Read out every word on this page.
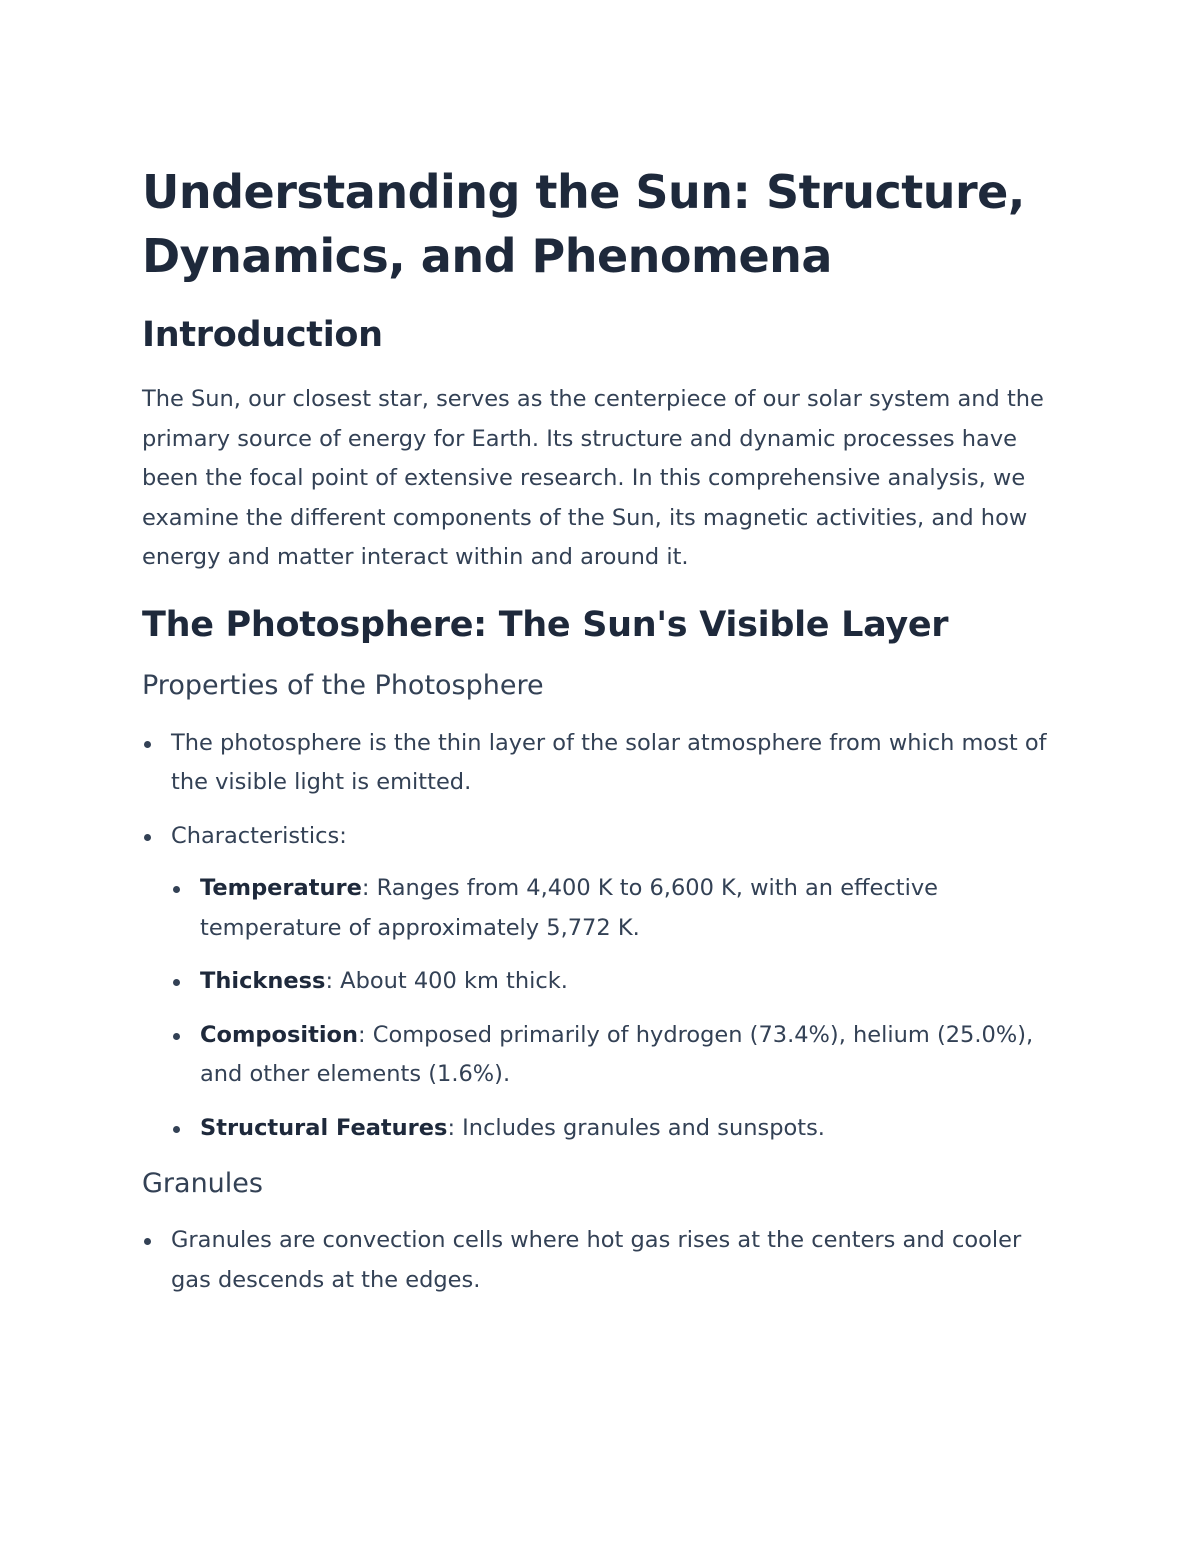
Understanding the Sun: Structure, Dynamics, and Phenomena
Introduction

The Sun, our closest star, serves as the centerpiece of our solar system and the primary source of energy for Earth. Its structure and dynamic processes have been the focal point of extensive research. In this comprehensive analysis, we examine the different components of the Sun, its magnetic activities, and how energy and matter interact within and around it.

The Photosphere: The Sun's Visible Layer
Properties of the Photosphere
The photosphere is the thin layer of the solar atmosphere from which most of the visible light is emitted.
Characteristics:
Temperature: Ranges from 4,400 K to 6,600 K, with an effective temperature of approximately 5,772 K.
Thickness: About 400 km thick.
Composition: Composed primarily of hydrogen (73.4%), helium (25.0%), and other elements (1.6%).
Structural Features: Includes granules and sunspots.
Granules
Granules are convection cells where hot gas rises at the centers and cooler gas descends at the edges.
